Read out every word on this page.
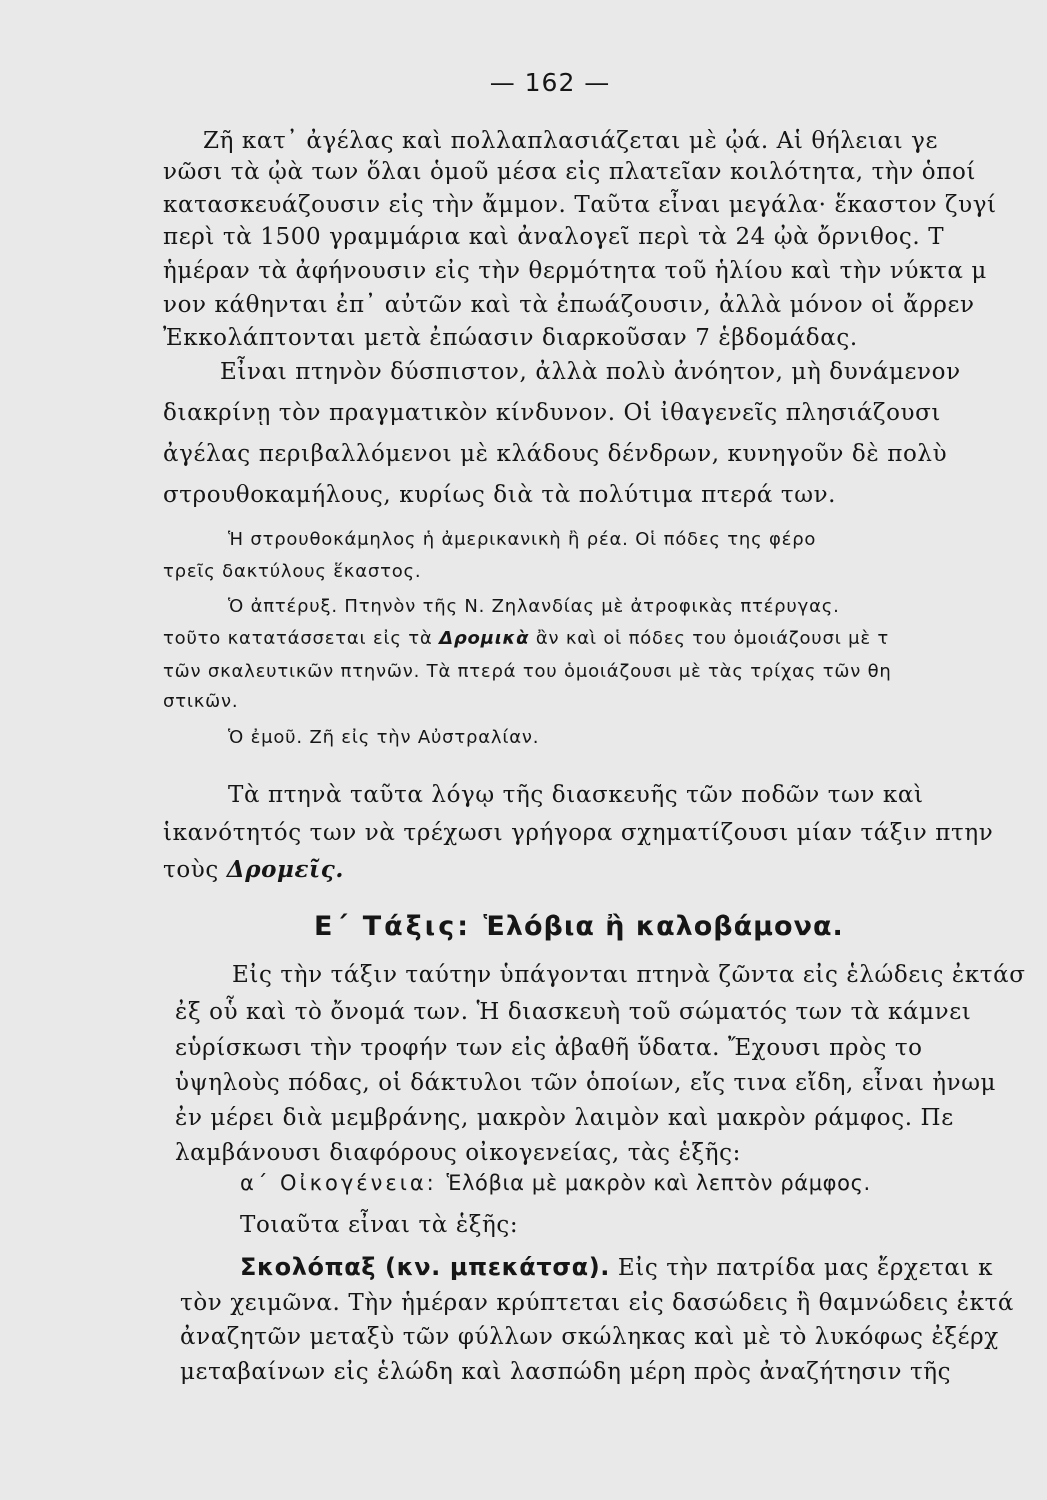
— 162 —
Ζῆ κατ᾽ ἀγέλας καὶ πολλαπλασιάζεται μὲ ᾠά. Αἱ θήλειαι γε
νῶσι τὰ ᾠὰ των ὅλαι ὁμοῦ μέσα εἰς πλατεῖαν κοιλότητα, τὴν ὁποί
κατασκευάζουσιν εἰς τὴν ἄμμον. Ταῦτα εἶναι μεγάλα· ἕκαστον ζυγί
περὶ τὰ 1500 γραμμάρια καὶ ἀναλογεῖ περὶ τὰ 24 ᾠὰ ὄρνιθος. Τ
ἡμέραν τὰ ἀφήνουσιν εἰς τὴν θερμότητα τοῦ ἡλίου καὶ τὴν νύκτα μ
νον κάθηνται ἐπ᾽ αὐτῶν καὶ τὰ ἐπωάζουσιν, ἀλλὰ μόνον οἱ ἄρρεν
Ἐκκολάπτονται μετὰ ἐπώασιν διαρκοῦσαν 7 ἑβδομάδας.
Εἶναι πτηνὸν δύσπιστον, ἀλλὰ πολὺ ἀνόητον, μὴ δυνάμενον
διακρίνῃ τὸν πραγματικὸν κίνδυνον. Οἱ ἰθαγενεῖς πλησιάζουσι
ἀγέλας περιβαλλόμενοι μὲ κλάδους δένδρων, κυνηγοῦν δὲ πολὺ
στρουθοκαμήλους, κυρίως διὰ τὰ πολύτιμα πτερά των.
Ἡ στρουθοκάμηλος ἡ ἀμερικανικὴ ἢ ρέα. Οἱ πόδες της φέρο
τρεῖς δακτύλους ἕκαστος.
Ὁ ἀπτέρυξ. Πτηνὸν τῆς Ν. Ζηλανδίας μὲ ἀτροφικὰς πτέρυγας.
τοῦτο κατατάσσεται εἰς τὰ Δρομικὰ ἂν καὶ οἱ πόδες του ὁμοιάζουσι μὲ τ
τῶν σκαλευτικῶν πτηνῶν. Τὰ πτερά του ὁμοιάζουσι μὲ τὰς τρίχας τῶν θη
στικῶν.
Ὁ ἐμοῦ. Ζῆ εἰς τὴν Αὐστραλίαν.
Τὰ πτηνὰ ταῦτα λόγῳ τῆς διασκευῆς τῶν ποδῶν των καὶ
ἱκανότητός των νὰ τρέχωσι γρήγορα σχηματίζουσι μίαν τάξιν πτην
τοὺς Δρομεῖς.
Ε΄ Τάξις: Ἑλόβια ἢ καλοβάμονα.
Εἰς τὴν τάξιν ταύτην ὑπάγονται πτηνὰ ζῶντα εἰς ἑλώδεις ἐκτάσ
ἐξ οὗ καὶ τὸ ὄνομά των. Ἡ διασκευὴ τοῦ σώματός των τὰ κάμνει
εὑρίσκωσι τὴν τροφήν των εἰς ἀβαθῆ ὕδατα. Ἔχουσι πρὸς το
ὑψηλοὺς πόδας, οἱ δάκτυλοι τῶν ὁποίων, εἴς τινα εἴδη, εἶναι ἠνωμ
ἐν μέρει διὰ μεμβράνης, μακρὸν λαιμὸν καὶ μακρὸν ράμφος. Πε
λαμβάνουσι διαφόρους οἰκογενείας, τὰς ἑξῆς:
α΄ Οἰκογένεια: Ἑλόβια μὲ μακρὸν καὶ λεπτὸν ράμφος.
Τοιαῦτα εἶναι τὰ ἑξῆς:
Σκολόπαξ (κν. μπεκάτσα). Εἰς τὴν πατρίδα μας ἔρχεται κ
τὸν χειμῶνα. Τὴν ἡμέραν κρύπτεται εἰς δασώδεις ἢ θαμνώδεις ἐκτά
ἀναζητῶν μεταξὺ τῶν φύλλων σκώληκας καὶ μὲ τὸ λυκόφως ἐξέρχ
μεταβαίνων εἰς ἑλώδη καὶ λασπώδη μέρη πρὸς ἀναζήτησιν τῆς
